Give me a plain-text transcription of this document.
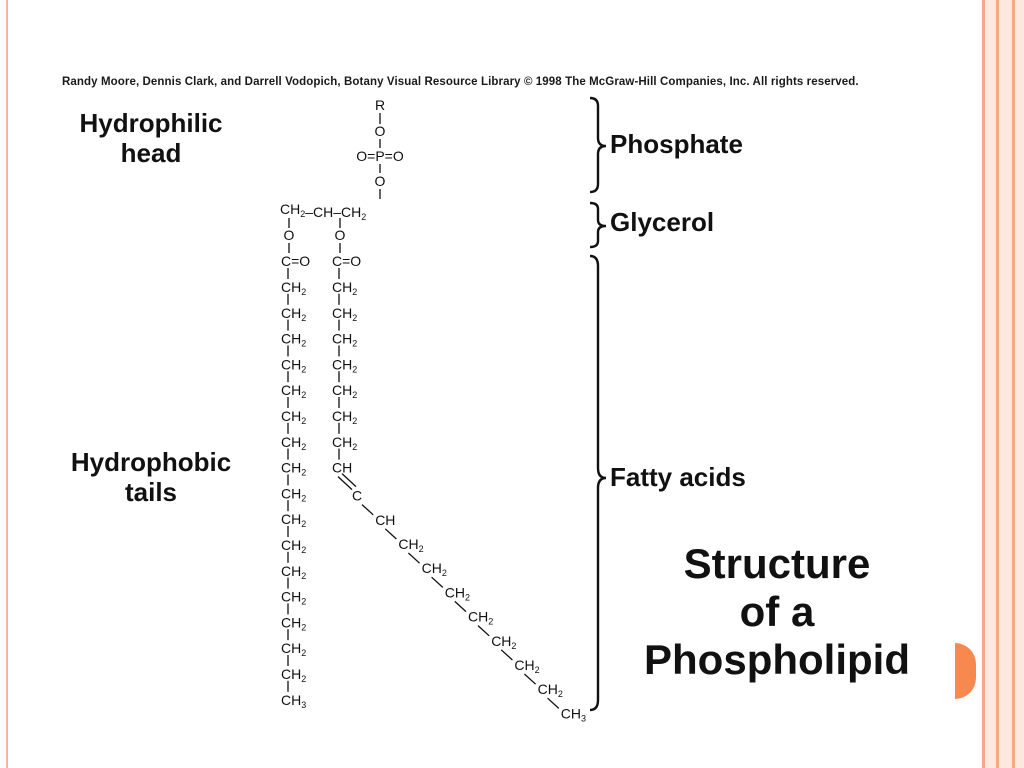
Randy Moore, Dennis Clark, and Darrell Vodopich, Botany Visual Resource Library © 1998 The McGraw-Hill Companies, Inc. All rights reserved.
Hydrophilic
head
Hydrophobic
tails
Phosphate
Glycerol
Fatty acids
Structure
of a
Phospholipid
R
O
O=P=O
O
$CH_2-CH-CH_2$
O
C=O
O
C=O
$CH_2$
$CH_2$
$CH_2$
$CH_2$
$CH_2$
$CH_2$
$CH_2$
$CH_2$
$CH_2$
$CH_2$
$CH_2$
$CH_2$
$CH_2$
$CH_2$
$CH_2$
$CH_2$
$CH_3$
$CH_2$
$CH_2$
$CH_2$
$CH_2$
$CH_2$
$CH_2$
$CH_2$
CH
C
CH
$CH_2$
$CH_2$
$CH_2$
$CH_2$
$CH_2$
$CH_2$
$CH_2$
$CH_3$
